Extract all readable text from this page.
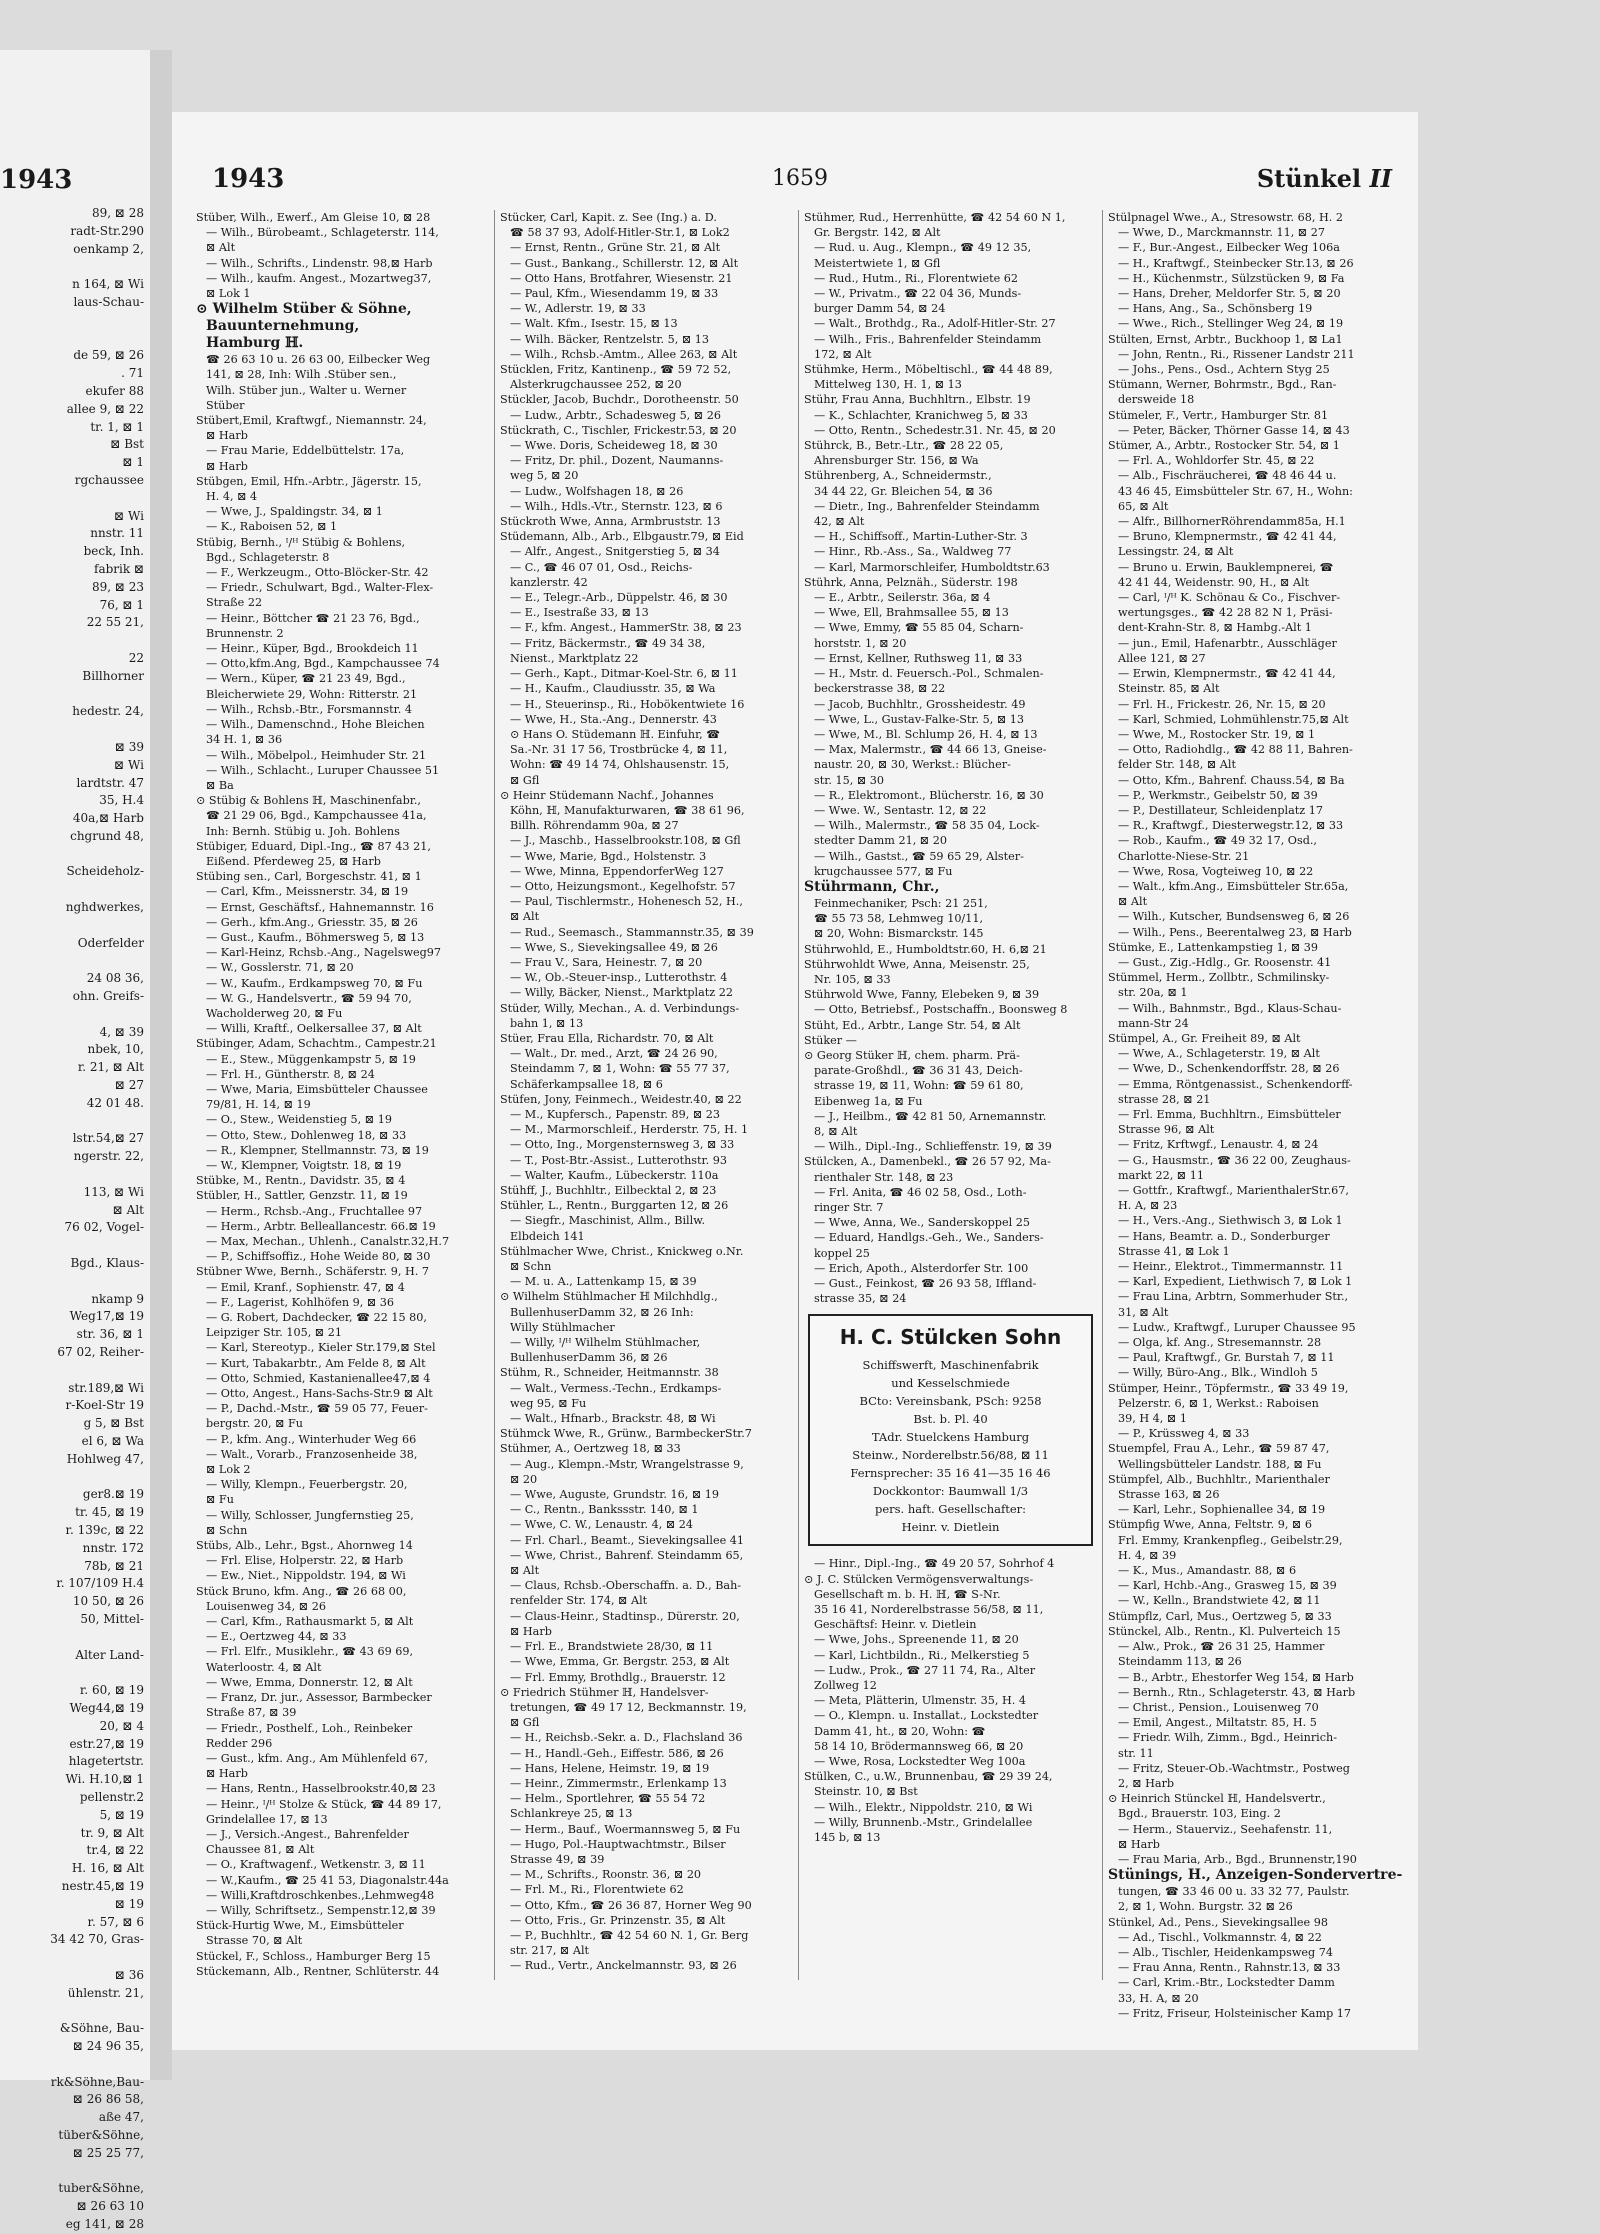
1943
89, ⊠ 28
radt-Str.290
oenkamp 2,

n 164, ⊠ Wi
laus-Schau-

de 59, ⊠ 26
. 71
ekufer 88
allee 9, ⊠ 22
tr. 1, ⊠ 1
⊠ Bst
⊠ 1
rgchaussee

⊠ Wi
nnstr. 11
beck, Inh.
fabrik ⊠
89, ⊠ 23
76, ⊠ 1
22 55 21,

22
Billhorner

hedestr. 24,

⊠ 39
⊠ Wi
lardtstr. 47
35, H.4
40a,⊠ Harb
chgrund 48,

Scheideholz-

nghdwerkes,

Oderfelder

24 08 36,
ohn. Greifs-

4, ⊠ 39
nbek, 10,
r. 21, ⊠ Alt
⊠ 27
42 01 48.

lstr.54,⊠ 27
ngerstr. 22,

113, ⊠ Wi
⊠ Alt
76 02, Vogel-

Bgd., Klaus-

nkamp 9
Weg17,⊠ 19
str. 36, ⊠ 1
67 02, Reiher-

str.189,⊠ Wi
r-Koel-Str 19
g 5, ⊠ Bst
el 6, ⊠ Wa
Hohlweg 47,

ger8.⊠ 19
tr. 45, ⊠ 19
r. 139c, ⊠ 22
nnstr. 172
78b, ⊠ 21
r. 107/109 H.4
10 50, ⊠ 26
50, Mittel-

Alter Land-

r. 60, ⊠ 19
Weg44,⊠ 19
20, ⊠ 4
estr.27,⊠ 19
hlagetertstr.
Wi. H.10,⊠ 1
pellenstr.2
5, ⊠ 19
tr. 9, ⊠ Alt
tr.4, ⊠ 22
H. 16, ⊠ Alt
nestr.45,⊠ 19
⊠ 19
r. 57, ⊠ 6
34 42 70, Gras-

⊠ 36
ühlenstr. 21,

&Söhne, Bau-
⊠ 24 96 35,

rk&Söhne,Bau-
⊠ 26 86 58,
aße 47,
tüber&Söhne,
⊠ 25 25 77,

tuber&Söhne,
⊠ 26 63 10
eg 141, ⊠ 28
1943	1659	Stünkel II
Stüber, Wilh., Ewerf., Am Gleise 10, ⊠ 28
— Wilh., Bürobeamt., Schlageterstr. 114,
⊠ Alt
— Wilh., Schrifts., Lindenstr. 98,⊠ Harb
— Wilh., kaufm. Angest., Mozartweg37,
⊠ Lok 1
⊙ Wilhelm Stüber & Söhne,
Bauunternehmung,
Hamburg ℍ.
☎ 26 63 10 u. 26 63 00, Eilbecker Weg
141, ⊠ 28, Inh: Wilh .Stüber sen.,
Wilh. Stüber jun., Walter u. Werner
Stüber
Stübert,Emil, Kraftwgf., Niemannstr. 24,
⊠ Harb
— Frau Marie, Eddelbüttelstr. 17a,
⊠ Harb
Stübgen, Emil, Hfn.-Arbtr., Jägerstr. 15,
H. 4, ⊠ 4
— Wwe, J., Spaldingstr. 34, ⊠ 1
— K., Raboisen 52, ⊠ 1
Stübig, Bernh., ᴵ/ᴴ Stübig & Bohlens,
Bgd., Schlageterstr. 8
— F., Werkzeugm., Otto-Blöcker-Str. 42
— Friedr., Schulwart, Bgd., Walter-Flex-
Straße 22
— Heinr., Böttcher ☎ 21 23 76, Bgd.,
Brunnenstr. 2
— Heinr., Küper, Bgd., Brookdeich 11
— Otto,kfm.Ang, Bgd., Kampchaussee 74
— Wern., Küper, ☎ 21 23 49, Bgd.,
Bleicherwiete 29, Wohn: Ritterstr. 21
— Wilh., Rchsb.-Btr., Forsmannstr. 4
— Wilh., Damenschnd., Hohe Bleichen
34 H. 1, ⊠ 36
— Wilh., Möbelpol., Heimhuder Str. 21
— Wilh., Schlacht., Luruper Chaussee 51
⊠ Ba
⊙ Stübig & Bohlens ℍ, Maschinenfabr.,
☎ 21 29 06, Bgd., Kampchaussee 41a,
Inh: Bernh. Stübig u. Joh. Bohlens
Stübiger, Eduard, Dipl.-Ing., ☎ 87 43 21,
Eißend. Pferdeweg 25, ⊠ Harb
Stübing sen., Carl, Borgeschstr. 41, ⊠ 1
— Carl, Kfm., Meissnerstr. 34, ⊠ 19
— Ernst, Geschäftsf., Hahnemannstr. 16
— Gerh., kfm.Ang., Griesstr. 35, ⊠ 26
— Gust., Kaufm., Böhmersweg 5, ⊠ 13
— Karl-Heinz, Rchsb.-Ang., Nagelsweg97
— W., Gosslerstr. 71, ⊠ 20
— W., Kaufm., Erdkampsweg 70, ⊠ Fu
— W. G., Handelsvertr., ☎ 59 94 70,
Wacholderweg 20, ⊠ Fu
— Willi, Kraftf., Oelkersallee 37, ⊠ Alt
Stübinger, Adam, Schachtm., Campestr.21
— E., Stew., Müggenkampstr 5, ⊠ 19
— Frl. H., Güntherstr. 8, ⊠ 24
— Wwe, Maria, Eimsbütteler Chaussee
79/81, H. 14, ⊠ 19
— O., Stew., Weidenstieg 5, ⊠ 19
— Otto, Stew., Dohlenweg 18, ⊠ 33
— R., Klempner, Stellmannstr. 73, ⊠ 19
— W., Klempner, Voigtstr. 18, ⊠ 19
Stübke, M., Rentn., Davidstr. 35, ⊠ 4
Stübler, H., Sattler, Genzstr. 11, ⊠ 19
— Herm., Rchsb.-Ang., Fruchtallee 97
— Herm., Arbtr. Belleallancestr. 66.⊠ 19
— Max, Mechan., Uhlenh., Canalstr.32,H.7
— P., Schiffsoffiz., Hohe Weide 80, ⊠ 30
Stübner Wwe, Bernh., Schäferstr. 9, H. 7
— Emil, Kranf., Sophienstr. 47, ⊠ 4
— F., Lagerist, Kohlhöfen 9, ⊠ 36
— G. Robert, Dachdecker, ☎ 22 15 80,
Leipziger Str. 105, ⊠ 21
— Karl, Stereotyp., Kieler Str.179,⊠ Stel
— Kurt, Tabakarbtr., Am Felde 8, ⊠ Alt
— Otto, Schmied, Kastanienallee47,⊠ 4
— Otto, Angest., Hans-Sachs-Str.9 ⊠ Alt
— P., Dachd.-Mstr., ☎ 59 05 77, Feuer-
bergstr. 20, ⊠ Fu
— P., kfm. Ang., Winterhuder Weg 66
— Walt., Vorarb., Franzosenheide 38,
⊠ Lok 2
— Willy, Klempn., Feuerbergstr. 20,
⊠ Fu
— Willy, Schlosser, Jungfernstieg 25,
⊠ Schn
Stübs, Alb., Lehr., Bgst., Ahornweg 14
— Frl. Elise, Holperstr. 22, ⊠ Harb
— Ew., Niet., Nippoldstr. 194, ⊠ Wi
Stück Bruno, kfm. Ang., ☎ 26 68 00,
Louisenweg 34, ⊠ 26
— Carl, Kfm., Rathausmarkt 5, ⊠ Alt
— E., Oertzweg 44, ⊠ 33
— Frl. Elfr., Musiklehr., ☎ 43 69 69,
Waterloostr. 4, ⊠ Alt
— Wwe, Emma, Donnerstr. 12, ⊠ Alt
— Franz, Dr. jur., Assessor, Barmbecker
Straße 87, ⊠ 39
— Friedr., Posthelf., Loh., Reinbeker
Redder 296
— Gust., kfm. Ang., Am Mühlenfeld 67,
⊠ Harb
— Hans, Rentn., Hasselbrookstr.40,⊠ 23
— Heinr., ᴵ/ᴴ Stolze & Stück, ☎ 44 89 17,
Grindelallee 17, ⊠ 13
— J., Versich.-Angest., Bahrenfelder
Chaussee 81, ⊠ Alt
— O., Kraftwagenf., Wetkenstr. 3, ⊠ 11
— W.,Kaufm., ☎ 25 41 53, Diagonalstr.44a
— Willi,Kraftdroschkenbes.,Lehmweg48
— Willy, Schriftsetz., Sempenstr.12,⊠ 39
Stück-Hurtig Wwe, M., Eimsbütteler
Strasse 70, ⊠ Alt
Stückel, F., Schloss., Hamburger Berg 15
Stückemann, Alb., Rentner, Schlüterstr. 44
Stücker, Carl, Kapit. z. See (Ing.) a. D.
☎ 58 37 93, Adolf-Hitler-Str.1, ⊠ Lok2
— Ernst, Rentn., Grüne Str. 21, ⊠ Alt
— Gust., Bankang., Schillerstr. 12, ⊠ Alt
— Otto Hans, Brotfahrer, Wiesenstr. 21
— Paul, Kfm., Wiesendamm 19, ⊠ 33
— W., Adlerstr. 19, ⊠ 33
— Walt. Kfm., Isestr. 15, ⊠ 13
— Wilh. Bäcker, Rentzelstr. 5, ⊠ 13
— Wilh., Rchsb.-Amtm., Allee 263, ⊠ Alt
Stücklen, Fritz, Kantinenp., ☎ 59 72 52,
Alsterkrugchaussee 252, ⊠ 20
Stückler, Jacob, Buchdr., Dorotheenstr. 50
— Ludw., Arbtr., Schadesweg 5, ⊠ 26
Stückrath, C., Tischler, Frickestr.53, ⊠ 20
— Wwe. Doris, Scheideweg 18, ⊠ 30
— Fritz, Dr. phil., Dozent, Naumanns-
weg 5, ⊠ 20
— Ludw., Wolfshagen 18, ⊠ 26
— Wilh., Hdls.-Vtr., Sternstr. 123, ⊠ 6
Stückroth Wwe, Anna, Armbruststr. 13
Stüdemann, Alb., Arb., Elbgaustr.79, ⊠ Eid
— Alfr., Angest., Snitgerstieg 5, ⊠ 34
— C., ☎ 46 07 01, Osd., Reichs-
kanzlerstr. 42
— E., Telegr.-Arb., Düppelstr. 46, ⊠ 30
— E., Isestraße 33, ⊠ 13
— F., kfm. Angest., HammerStr. 38, ⊠ 23
— Fritz, Bäckermstr., ☎ 49 34 38,
Nienst., Marktplatz 22
— Gerh., Kapt., Ditmar-Koel-Str. 6, ⊠ 11
— H., Kaufm., Claudiusstr. 35, ⊠ Wa
— H., Steuerinsp., Ri., Hobökentwiete 16
— Wwe, H., Sta.-Ang., Dennerstr. 43
⊙ Hans O. Stüdemann ℍ. Einfuhr, ☎
Sa.-Nr. 31 17 56, Trostbrücke 4, ⊠ 11,
Wohn: ☎ 49 14 74, Ohlshausenstr. 15,
⊠ Gfl
⊙ Heinr Stüdemann Nachf., Johannes
Köhn, ℍ, Manufakturwaren, ☎ 38 61 96,
Billh. Röhrendamm 90a, ⊠ 27
— J., Maschb., Hasselbrookstr.108, ⊠ Gfl
— Wwe, Marie, Bgd., Holstenstr. 3
— Wwe, Minna, EppendorferWeg 127
— Otto, Heizungsmont., Kegelhofstr. 57
— Paul, Tischlermstr., Hohenesch 52, H.,
⊠ Alt
— Rud., Seemasch., Stammannstr.35, ⊠ 39
— Wwe, S., Sievekingsallee 49, ⊠ 26
— Frau V., Sara, Heinestr. 7, ⊠ 20
— W., Ob.-Steuer-insp., Lutterothstr. 4
— Willy, Bäcker, Nienst., Marktplatz 22
Stüder, Willy, Mechan., A. d. Verbindungs-
bahn 1, ⊠ 13
Stüer, Frau Ella, Richardstr. 70, ⊠ Alt
— Walt., Dr. med., Arzt, ☎ 24 26 90,
Steindamm 7, ⊠ 1, Wohn: ☎ 55 77 37,
Schäferkampsallee 18, ⊠ 6
Stüfen, Jony, Feinmech., Weidestr.40, ⊠ 22
— M., Kupfersch., Papenstr. 89, ⊠ 23
— M., Marmorschleif., Herderstr. 75, H. 1
— Otto, Ing., Morgensternsweg 3, ⊠ 33
— T., Post-Btr.-Assist., Lutterothstr. 93
— Walter, Kaufm., Lübeckerstr. 110a
Stühff, J., Buchhltr., Eilbecktal 2, ⊠ 23
Stühler, L., Rentn., Burggarten 12, ⊠ 26
— Siegfr., Maschinist, Allm., Billw.
Elbdeich 141
Stühlmacher Wwe, Christ., Knickweg o.Nr.
⊠ Schn
— M. u. A., Lattenkamp 15, ⊠ 39
⊙ Wilhelm Stühlmacher ℍ Milchhdlg.,
BullenhuserDamm 32, ⊠ 26 Inh:
Willy Stühlmacher
— Willy, ᴵ/ᴴ Wilhelm Stühlmacher,
BullenhuserDamm 36, ⊠ 26
Stühm, R., Schneider, Heitmannstr. 38
— Walt., Vermess.-Techn., Erdkamps-
weg 95, ⊠ Fu
— Walt., Hfnarb., Brackstr. 48, ⊠ Wi
Stühmck Wwe, R., Grünw., BarmbeckerStr.7
Stühmer, A., Oertzweg 18, ⊠ 33
— Aug., Klempn.-Mstr, Wrangelstrasse 9,
⊠ 20
— Wwe, Auguste, Grundstr. 16, ⊠ 19
— C., Rentn., Bankssstr. 140, ⊠ 1
— Wwe, C. W., Lenaustr. 4, ⊠ 24
— Frl. Charl., Beamt., Sievekingsallee 41
— Wwe, Christ., Bahrenf. Steindamm 65,
⊠ Alt
— Claus, Rchsb.-Oberschaffn. a. D., Bah-
renfelder Str. 174, ⊠ Alt
— Claus-Heinr., Stadtinsp., Dürerstr. 20,
⊠ Harb
— Frl. E., Brandstwiete 28/30, ⊠ 11
— Wwe, Emma, Gr. Bergstr. 253, ⊠ Alt
— Frl. Emmy, Brothdlg., Brauerstr. 12
⊙ Friedrich Stühmer ℍ, Handelsver-
tretungen, ☎ 49 17 12, Beckmannstr. 19,
⊠ Gfl
— H., Reichsb.-Sekr. a. D., Flachsland 36
— H., Handl.-Geh., Eiffestr. 586, ⊠ 26
— Hans, Helene, Heimstr. 19, ⊠ 19
— Heinr., Zimmermstr., Erlenkamp 13
— Helm., Sportlehrer, ☎ 55 54 72
Schlankreye 25, ⊠ 13
— Herm., Bauf., Woermannsweg 5, ⊠ Fu
— Hugo, Pol.-Hauptwachtmstr., Bilser
Strasse 49, ⊠ 39
— M., Schrifts., Roonstr. 36, ⊠ 20
— Frl. M., Ri., Florentwiete 62
— Otto, Kfm., ☎ 26 36 87, Horner Weg 90
— Otto, Fris., Gr. Prinzenstr. 35, ⊠ Alt
— P., Buchhltr., ☎ 42 54 60 N. 1, Gr. Berg
str. 217, ⊠ Alt
— Rud., Vertr., Anckelmannstr. 93, ⊠ 26
Stühmer, Rud., Herrenhütte, ☎ 42 54 60 N 1,
Gr. Bergstr. 142, ⊠ Alt
— Rud. u. Aug., Klempn., ☎ 49 12 35,
Meistertwiete 1, ⊠ Gfl
— Rud., Hutm., Ri., Florentwiete 62
— W., Privatm., ☎ 22 04 36, Munds-
burger Damm 54, ⊠ 24
— Walt., Brothdg., Ra., Adolf-Hitler-Str. 27
— Wilh., Fris., Bahrenfelder Steindamm
172, ⊠ Alt
Stühmke, Herm., Möbeltischl., ☎ 44 48 89,
Mittelweg 130, H. 1, ⊠ 13
Stühr, Frau Anna, Buchhltrn., Elbstr. 19
— K., Schlachter, Kranichweg 5, ⊠ 33
— Otto, Rentn., Schedestr.31. Nr. 45, ⊠ 20
Stührck, B., Betr.-Ltr., ☎ 28 22 05,
Ahrensburger Str. 156, ⊠ Wa
Stührenberg, A., Schneidermstr.,
34 44 22, Gr. Bleichen 54, ⊠ 36
— Dietr., Ing., Bahrenfelder Steindamm
42, ⊠ Alt
— H., Schiffsoff., Martin-Luther-Str. 3
— Hinr., Rb.-Ass., Sa., Waldweg 77
— Karl, Marmorschleifer, Humboldtstr.63
Stührk, Anna, Pelznäh., Süderstr. 198
— E., Arbtr., Seilerstr. 36a, ⊠ 4
— Wwe, Ell, Brahmsallee 55, ⊠ 13
— Wwe, Emmy, ☎ 55 85 04, Scharn-
horststr. 1, ⊠ 20
— Ernst, Kellner, Ruthsweg 11, ⊠ 33
— H., Mstr. d. Feuersch.-Pol., Schmalen-
beckerstrasse 38, ⊠ 22
— Jacob, Buchhltr., Grossheidestr. 49
— Wwe, L., Gustav-Falke-Str. 5, ⊠ 13
— Wwe, M., Bl. Schlump 26, H. 4, ⊠ 13
— Max, Malermstr., ☎ 44 66 13, Gneise-
naustr. 20, ⊠ 30, Werkst.: Blücher-
str. 15, ⊠ 30
— R., Elektromont., Blücherstr. 16, ⊠ 30
— Wwe. W., Sentastr. 12, ⊠ 22
— Wilh., Malermstr., ☎ 58 35 04, Lock-
stedter Damm 21, ⊠ 20
— Wilh., Gastst., ☎ 59 65 29, Alster-
krugchaussee 577, ⊠ Fu
Stührmann, Chr.,
Feinmechaniker, Psch: 21 251,
☎ 55 73 58, Lehmweg 10/11,
⊠ 20, Wohn: Bismarckstr. 145
Stührwohld, E., Humboldtstr.60, H. 6,⊠ 21
Stührwohldt Wwe, Anna, Meisenstr. 25,
Nr. 105, ⊠ 33
Stührwold Wwe, Fanny, Elebeken 9, ⊠ 39
— Otto, Betriebsf., Postschaffn., Boonsweg 8
Stüht, Ed., Arbtr., Lange Str. 54, ⊠ Alt
Stüker —
⊙ Georg Stüker ℍ, chem. pharm. Prä-
parate-Großhdl., ☎ 36 31 43, Deich-
strasse 19, ⊠ 11, Wohn: ☎ 59 61 80,
Eibenweg 1a, ⊠ Fu
— J., Heilbm., ☎ 42 81 50, Arnemannstr.
8, ⊠ Alt
— Wilh., Dipl.-Ing., Schlieffenstr. 19, ⊠ 39
Stülcken, A., Damenbekl., ☎ 26 57 92, Ma-
rienthaler Str. 148, ⊠ 23
— Frl. Anita, ☎ 46 02 58, Osd., Loth-
ringer Str. 7
— Wwe, Anna, We., Sanderskoppel 25
— Eduard, Handlgs.-Geh., We., Sanders-
koppel 25
— Erich, Apoth., Alsterdorfer Str. 100
— Gust., Feinkost, ☎ 26 93 58, Iffland-
strasse 35, ⊠ 24
H. C. Stülcken Sohn
Schiffswerft, Maschinenfabrik
und Kesselschmiede
BCto: Vereinsbank, PSch: 9258
Bst. b. Pl. 40
TAdr. Stuelckens Hamburg
Steinw., Norderelbstr.56/88, ⊠ 11
Fernsprecher: 35 16 41—35 16 46
Dockkontor: Baumwall 1/3
pers. haft. Gesellschafter:
Heinr. v. Dietlein
— Hinr., Dipl.-Ing., ☎ 49 20 57, Sohrhof 4
⊙ J. C. Stülcken Vermögensverwaltungs-
Gesellschaft m. b. H. ℍ, ☎ S-Nr.
35 16 41, Norderelbstrasse 56/58, ⊠ 11,
Geschäftsf: Heinr. v. Dietlein
— Wwe, Johs., Spreenende 11, ⊠ 20
— Karl, Lichtbildn., Ri., Melkerstieg 5
— Ludw., Prok., ☎ 27 11 74, Ra., Alter
Zollweg 12
— Meta, Plätterin, Ulmenstr. 35, H. 4
— O., Klempn. u. Installat., Lockstedter
Damm 41, ht., ⊠ 20, Wohn: ☎
58 14 10, Brödermannsweg 66, ⊠ 20
— Wwe, Rosa, Lockstedter Weg 100a
Stülken, C., u.W., Brunnenbau, ☎ 29 39 24,
Steinstr. 10, ⊠ Bst
— Wilh., Elektr., Nippoldstr. 210, ⊠ Wi
— Willy, Brunnenb.-Mstr., Grindelallee
145 b, ⊠ 13
Stülpnagel Wwe., A., Stresowstr. 68, H. 2
— Wwe, D., Marckmannstr. 11, ⊠ 27
— F., Bur.-Angest., Eilbecker Weg 106a
— H., Kraftwgf., Steinbecker Str.13, ⊠ 26
— H., Küchenmstr., Sülzstücken 9, ⊠ Fa
— Hans, Dreher, Meldorfer Str. 5, ⊠ 20
— Hans, Ang., Sa., Schönsberg 19
— Wwe., Rich., Stellinger Weg 24, ⊠ 19
Stülten, Ernst, Arbtr., Buckhoop 1, ⊠ La1
— John, Rentn., Ri., Rissener Landstr 211
— Johs., Pens., Osd., Achtern Styg 25
Stümann, Werner, Bohrmstr., Bgd., Ran-
dersweide 18
Stümeler, F., Vertr., Hamburger Str. 81
— Peter, Bäcker, Thörner Gasse 14, ⊠ 43
Stümer, A., Arbtr., Rostocker Str. 54, ⊠ 1
— Frl. A., Wohldorfer Str. 45, ⊠ 22
— Alb., Fischräucherei, ☎ 48 46 44 u.
43 46 45, Eimsbütteler Str. 67, H., Wohn:
65, ⊠ Alt
— Alfr., BillhornerRöhrendamm85a, H.1
— Bruno, Klempnermstr., ☎ 42 41 44,
Lessingstr. 24, ⊠ Alt
— Bruno u. Erwin, Bauklempnerei, ☎
42 41 44, Weidenstr. 90, H., ⊠ Alt
— Carl, ᴵ/ᴴ K. Schönau & Co., Fischver-
wertungsges., ☎ 42 28 82 N 1, Präsi-
dent-Krahn-Str. 8, ⊠ Hambg.-Alt 1
— jun., Emil, Hafenarbtr., Ausschläger
Allee 121, ⊠ 27
— Erwin, Klempnermstr., ☎ 42 41 44,
Steinstr. 85, ⊠ Alt
— Frl. H., Frickestr. 26, Nr. 15, ⊠ 20
— Karl, Schmied, Lohmühlenstr.75,⊠ Alt
— Wwe, M., Rostocker Str. 19, ⊠ 1
— Otto, Radiohdlg., ☎ 42 88 11, Bahren-
felder Str. 148, ⊠ Alt
— Otto, Kfm., Bahrenf. Chauss.54, ⊠ Ba
— P., Werkmstr., Geibelstr 50, ⊠ 39
— P., Destillateur, Schleidenplatz 17
— R., Kraftwgf., Diesterwegstr.12, ⊠ 33
— Rob., Kaufm., ☎ 49 32 17, Osd.,
Charlotte-Niese-Str. 21
— Wwe, Rosa, Vogteiweg 10, ⊠ 22
— Walt., kfm.Ang., Eimsbütteler Str.65a,
⊠ Alt
— Wilh., Kutscher, Bundsensweg 6, ⊠ 26
— Wilh., Pens., Beerentalweg 23, ⊠ Harb
Stümke, E., Lattenkampstieg 1, ⊠ 39
— Gust., Zig.-Hdlg., Gr. Roosenstr. 41
Stümmel, Herm., Zollbtr., Schmilinsky-
str. 20a, ⊠ 1
— Wilh., Bahnmstr., Bgd., Klaus-Schau-
mann-Str 24
Stümpel, A., Gr. Freiheit 89, ⊠ Alt
— Wwe, A., Schlageterstr. 19, ⊠ Alt
— Wwe, D., Schenkendorffstr. 28, ⊠ 26
— Emma, Röntgenassist., Schenkendorff-
strasse 28, ⊠ 21
— Frl. Emma, Buchhltrn., Eimsbütteler
Strasse 96, ⊠ Alt
— Fritz, Krftwgf., Lenaustr. 4, ⊠ 24
— G., Hausmstr., ☎ 36 22 00, Zeughaus-
markt 22, ⊠ 11
— Gottfr., Kraftwgf., MarienthalerStr.67,
H. A, ⊠ 23
— H., Vers.-Ang., Siethwisch 3, ⊠ Lok 1
— Hans, Beamtr. a. D., Sonderburger
Strasse 41, ⊠ Lok 1
— Heinr., Elektrot., Timmermannstr. 11
— Karl, Expedient, Liethwisch 7, ⊠ Lok 1
— Frau Lina, Arbtrn, Sommerhuder Str.,
31, ⊠ Alt
— Ludw., Kraftwgf., Luruper Chaussee 95
— Olga, kf. Ang., Stresemannstr. 28
— Paul, Kraftwgf., Gr. Burstah 7, ⊠ 11
— Willy, Büro-Ang., Blk., Windloh 5
Stümper, Heinr., Töpfermstr., ☎ 33 49 19,
Pelzerstr. 6, ⊠ 1, Werkst.: Raboisen
39, H 4, ⊠ 1
— P., Krüssweg 4, ⊠ 33
Stuempfel, Frau A., Lehr., ☎ 59 87 47,
Wellingsbütteler Landstr. 188, ⊠ Fu
Stümpfel, Alb., Buchhltr., Marienthaler
Strasse 163, ⊠ 26
— Karl, Lehr., Sophienallee 34, ⊠ 19
Stümpfig Wwe, Anna, Feltstr. 9, ⊠ 6
Frl. Emmy, Krankenpfleg., Geibelstr.29,
H. 4, ⊠ 39
— K., Mus., Amandastr. 88, ⊠ 6
— Karl, Hchb.-Ang., Grasweg 15, ⊠ 39
— W., Kelln., Brandstwiete 42, ⊠ 11
Stümpflz, Carl, Mus., Oertzweg 5, ⊠ 33
Stünckel, Alb., Rentn., Kl. Pulverteich 15
— Alw., Prok., ☎ 26 31 25, Hammer
Steindamm 113, ⊠ 26
— B., Arbtr., Ehestorfer Weg 154, ⊠ Harb
— Bernh., Rtn., Schlageterstr. 43, ⊠ Harb
— Christ., Pension., Louisenweg 70
— Emil, Angest., Miltatstr. 85, H. 5
— Friedr. Wilh, Zimm., Bgd., Heinrich-
str. 11
— Fritz, Steuer-Ob.-Wachtmstr., Postweg
2, ⊠ Harb
⊙ Heinrich Stünckel ℍ, Handelsvertr.,
Bgd., Brauerstr. 103, Eing. 2
— Herm., Stauerviz., Seehafenstr. 11,
⊠ Harb
— Frau Maria, Arb., Bgd., Brunnenstr,190
Stünings, H., Anzeigen-Sondervertre-
tungen, ☎ 33 46 00 u. 33 32 77, Paulstr.
2, ⊠ 1, Wohn. Burgstr. 32 ⊠ 26
Stünkel, Ad., Pens., Sievekingsallee 98
— Ad., Tischl., Volkmannstr. 4, ⊠ 22
— Alb., Tischler, Heidenkampsweg 74
— Frau Anna, Rentn., Rahnstr.13, ⊠ 33
— Carl, Krim.-Btr., Lockstedter Damm
33, H. A, ⊠ 20
— Fritz, Friseur, Holsteinischer Kamp 17
